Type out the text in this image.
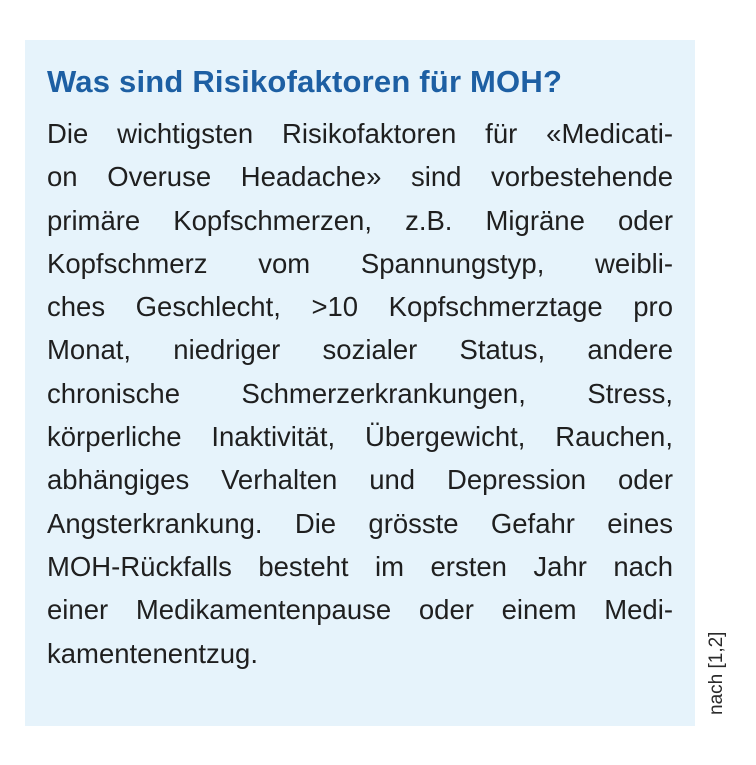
Was sind Risikofaktoren für MOH?
Die wichtigsten Risikofaktoren für «Medicati-
on Overuse Headache» sind vorbestehende
primäre Kopfschmerzen, z.B. Migräne oder
Kopfschmerz vom Spannungstyp, weibli-
ches Geschlecht, >10 Kopfschmerztage pro
Monat, niedriger sozialer Status, andere
chronische Schmerzerkrankungen, Stress,
körperliche Inaktivität, Übergewicht, Rauchen,
abhängiges Verhalten und Depression oder
Angsterkrankung. Die grösste Gefahr eines
MOH-Rückfalls besteht im ersten Jahr nach
einer Medikamentenpause oder einem Medi-
kamentenentzug.	nach [1,2]
